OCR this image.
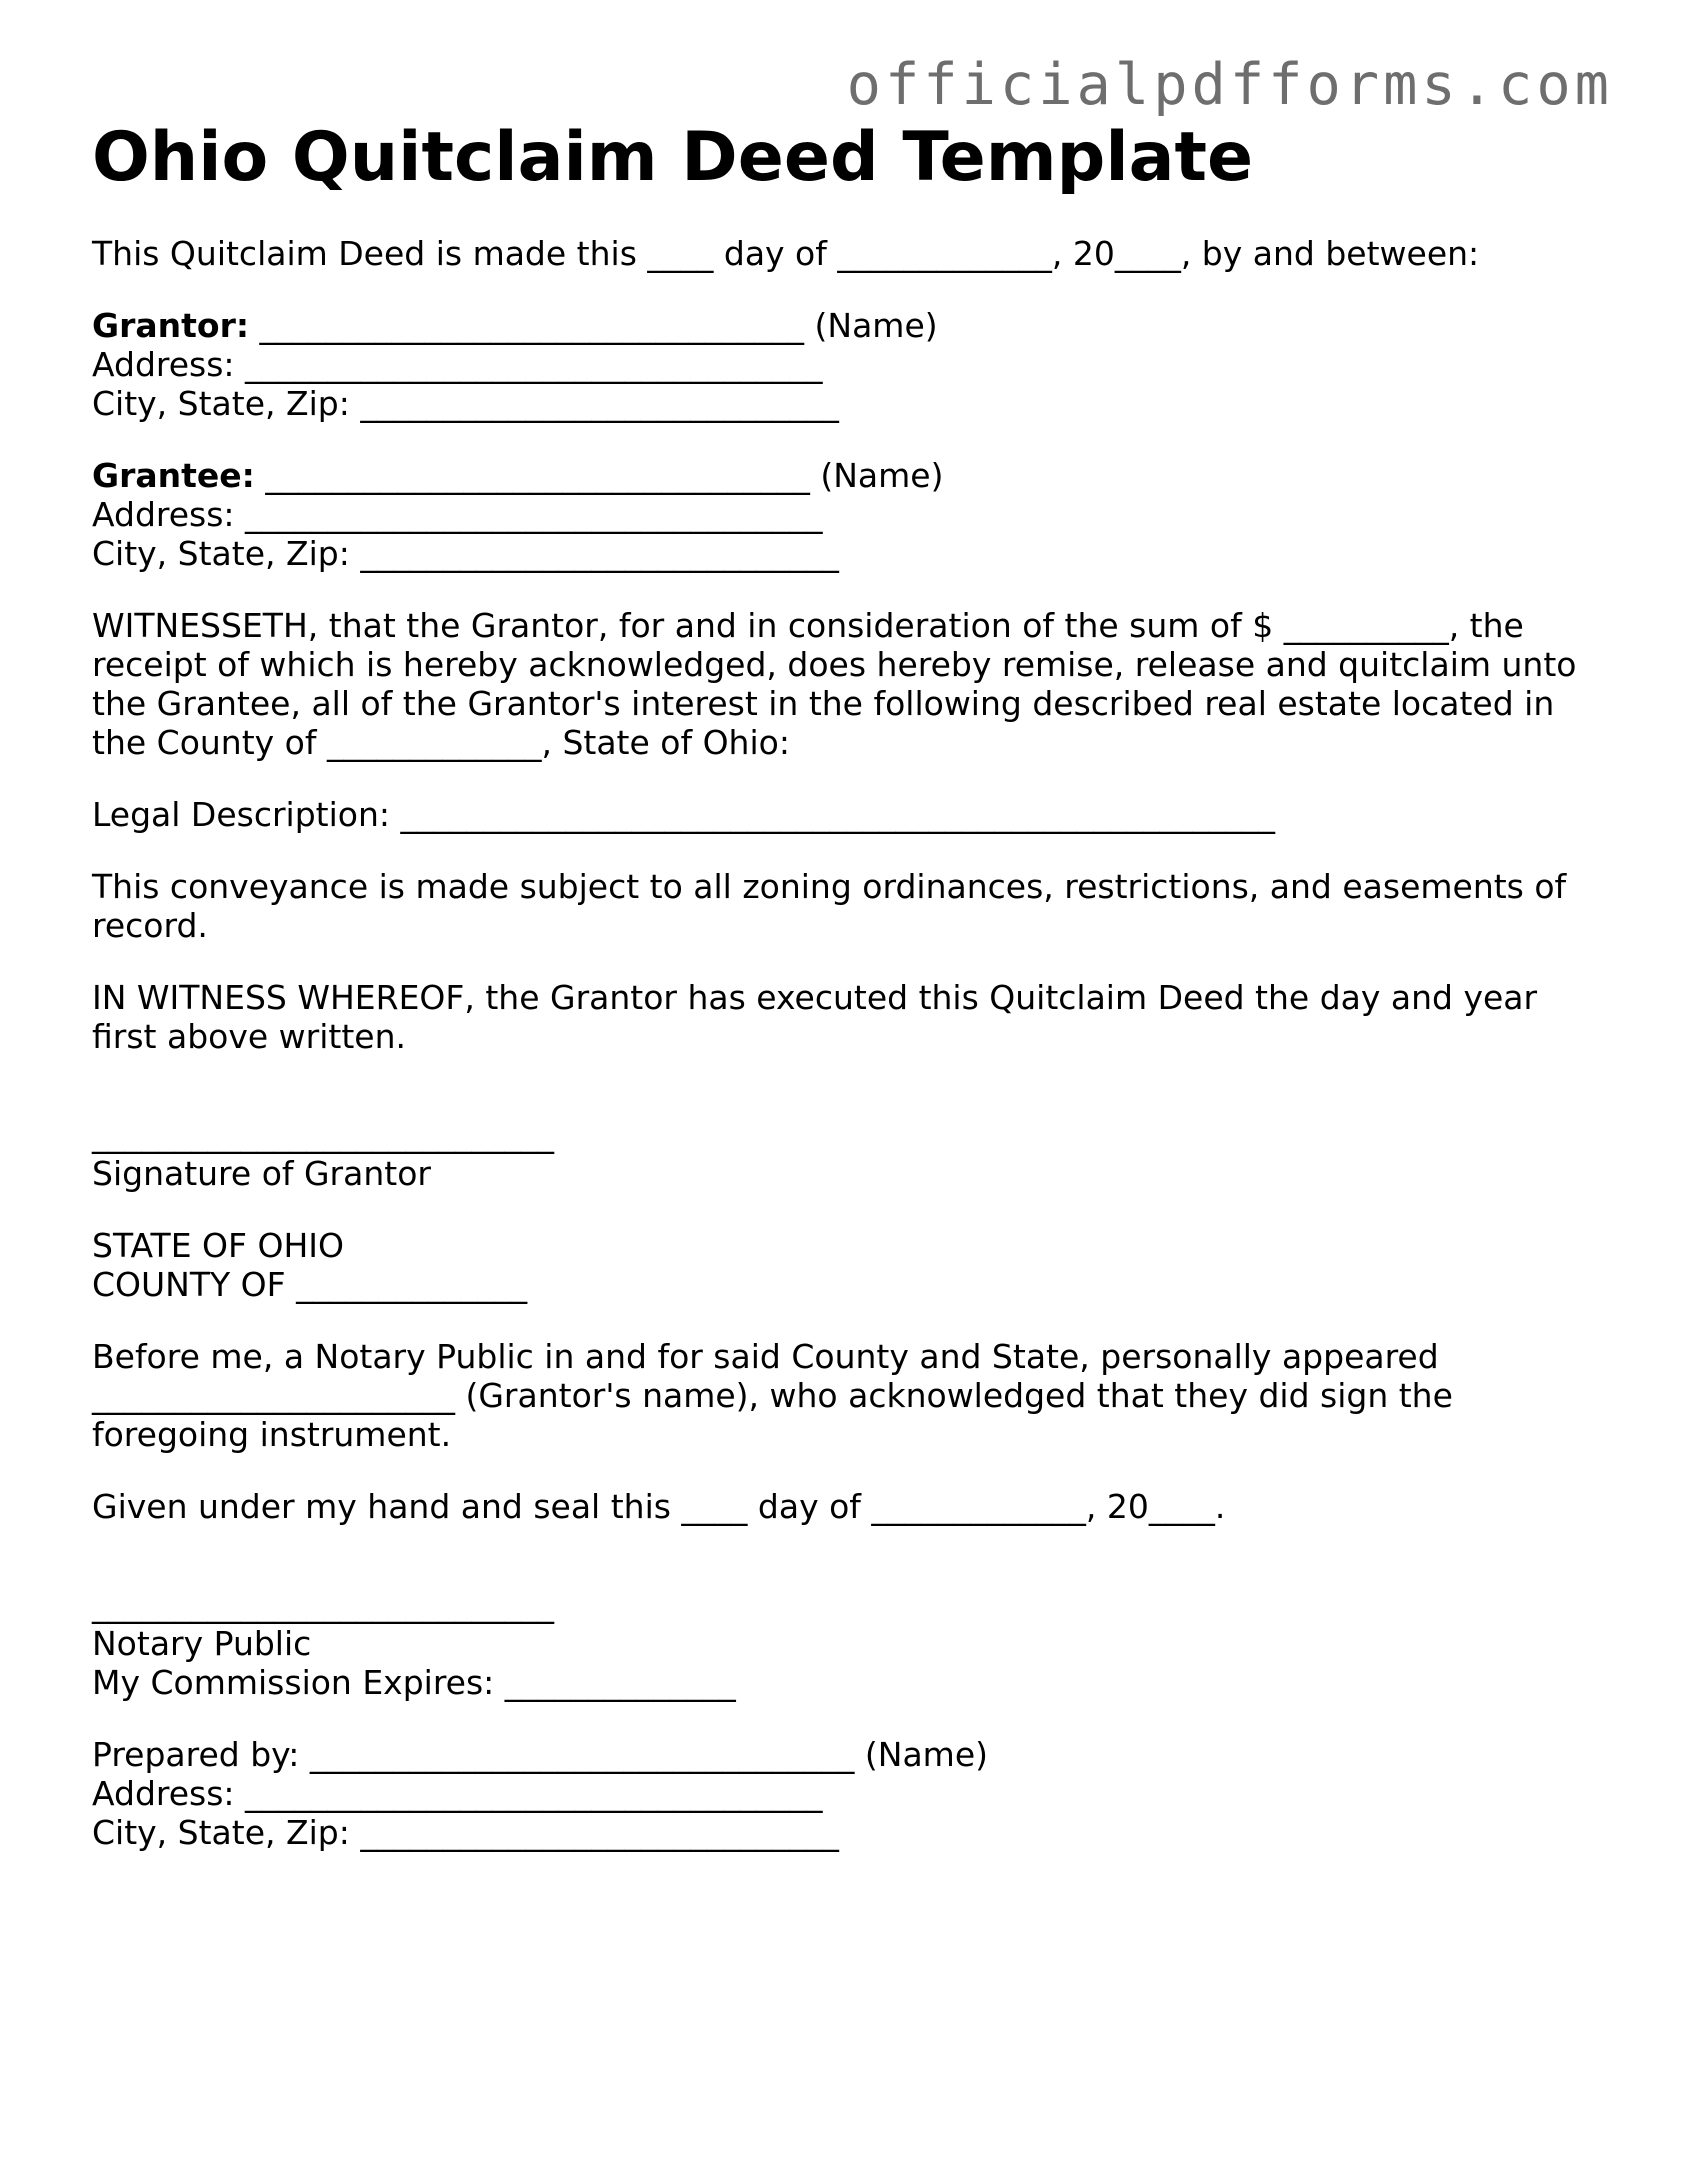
officialpdfforms.com
Ohio Quitclaim Deed Template

This Quitclaim Deed is made this ____ day of _____________, 20____, by and between:

Grantor: _________________________________ (Name)
Address: ___________________________________
City, State, Zip: _____________________________

Grantee: _________________________________ (Name)
Address: ___________________________________
City, State, Zip: _____________________________

WITNESSETH, that the Grantor, for and in consideration of the sum of $ __________, the
receipt of which is hereby acknowledged, does hereby remise, release and quitclaim unto
the Grantee, all of the Grantor's interest in the following described real estate located in
the County of _____________, State of Ohio:

Legal Description: _____________________________________________________

This conveyance is made subject to all zoning ordinances, restrictions, and easements of
record.

IN WITNESS WHEREOF, the Grantor has executed this Quitclaim Deed the day and year
first above written.

____________________________
Signature of Grantor

STATE OF OHIO
COUNTY OF ______________

Before me, a Notary Public in and for said County and State, personally appeared
______________________ (Grantor's name), who acknowledged that they did sign the
foregoing instrument.

Given under my hand and seal this ____ day of _____________, 20____.

____________________________
Notary Public
My Commission Expires: ______________

Prepared by: _________________________________ (Name)
Address: ___________________________________
City, State, Zip: _____________________________
